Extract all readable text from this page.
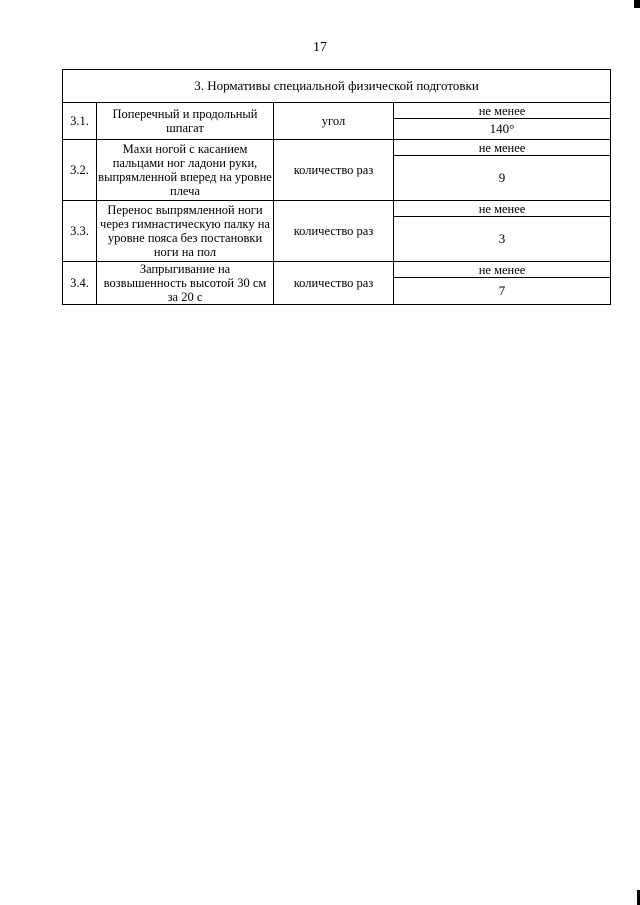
17
3. Нормативы специальной физической подготовки			
3.1.	Поперечный и продольный шпагат	угол	не менее
			140°
3.2.	Махи ногой с касанием пальцами ног ладони руки, выпрямленной вперед на уровне плеча	количество раз	не менее
			9
3.3.	Перенос выпрямленной ноги через гимнастическую палку на уровне пояса без постановки ноги на пол	количество раз	не менее
			3
3.4.	Запрыгивание на возвышенность высотой 30 см за 20 с	количество раз	не менее
			7
